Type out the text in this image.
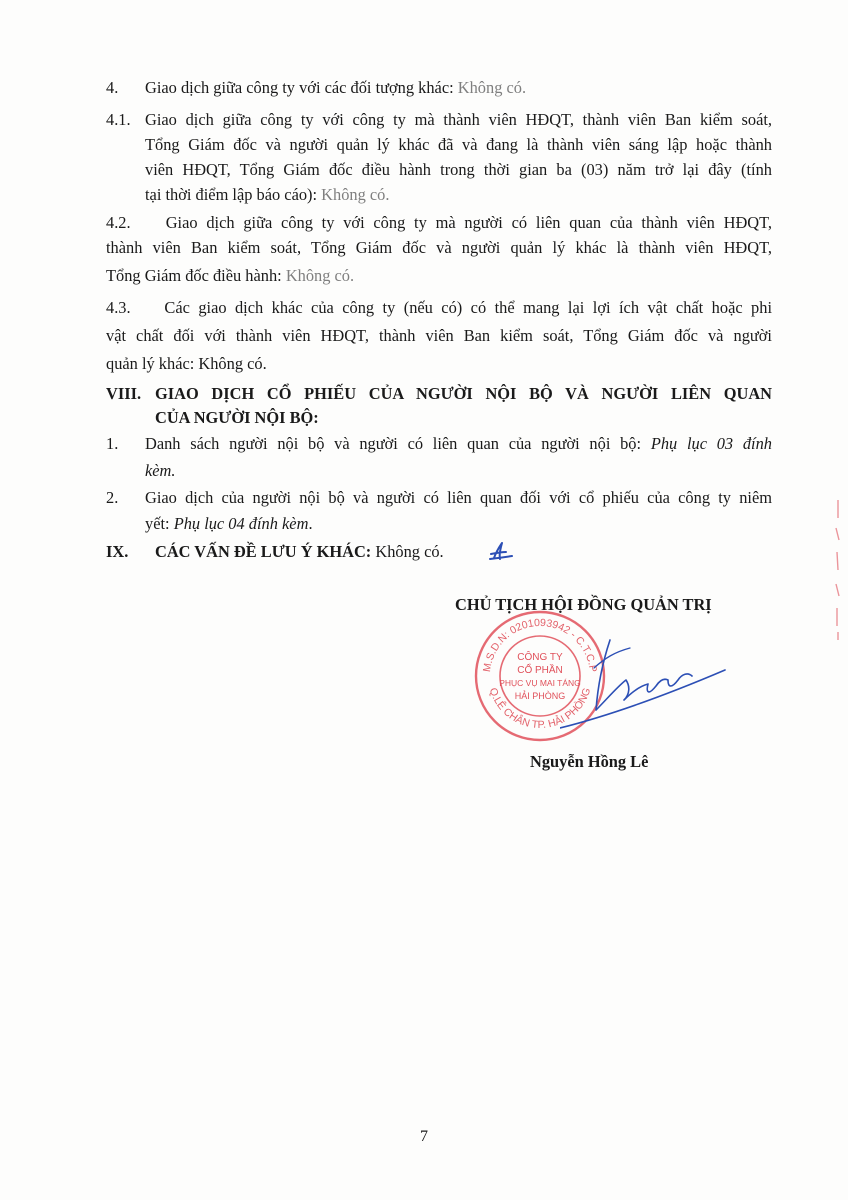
4. Giao dịch giữa công ty với các đối tượng khác: Không có.
4.1. Giao dịch giữa công ty với công ty mà thành viên HĐQT, thành viên Ban kiểm soát,
Tổng Giám đốc và người quản lý khác đã và đang là thành viên sáng lập hoặc thành
viên HĐQT, Tổng Giám đốc điều hành trong thời gian ba (03) năm trở lại đây (tính
tại thời điểm lập báo cáo): Không có.
4.2. Giao dịch giữa công ty với công ty mà người có liên quan của thành viên HĐQT,
thành viên Ban kiểm soát, Tổng Giám đốc và người quản lý khác là thành viên HĐQT,
Tổng Giám đốc điều hành: Không có.
4.3. Các giao dịch khác của công ty (nếu có) có thể mang lại lợi ích vật chất hoặc phi
vật chất đối với thành viên HĐQT, thành viên Ban kiểm soát, Tổng Giám đốc và người
quản lý khác: Không có.
VIII. GIAO DỊCH CỔ PHIẾU CỦA NGƯỜI NỘI BỘ VÀ NGƯỜI LIÊN QUAN
CỦA NGƯỜI NỘI BỘ:
1. Danh sách người nội bộ và người có liên quan của người nội bộ: Phụ lục 03 đính
kèm.
2. Giao dịch của người nội bộ và người có liên quan đối với cổ phiếu của công ty niêm
yết: Phụ lục 04 đính kèm.
IX. CÁC VẤN ĐỀ LƯU Ý KHÁC: Không có.
CHỦ TỊCH HỘI ĐỒNG QUẢN TRỊ
M.S.D.N: 0201093942 - C.T.C.P
Q.LÊ CHÂN TP. HẢI PHÒNG
CÔNG TY
CỔ PHẦN
PHỤC VỤ MAI TÁNG
HẢI PHÒNG
Nguyễn Hồng Lê
7
